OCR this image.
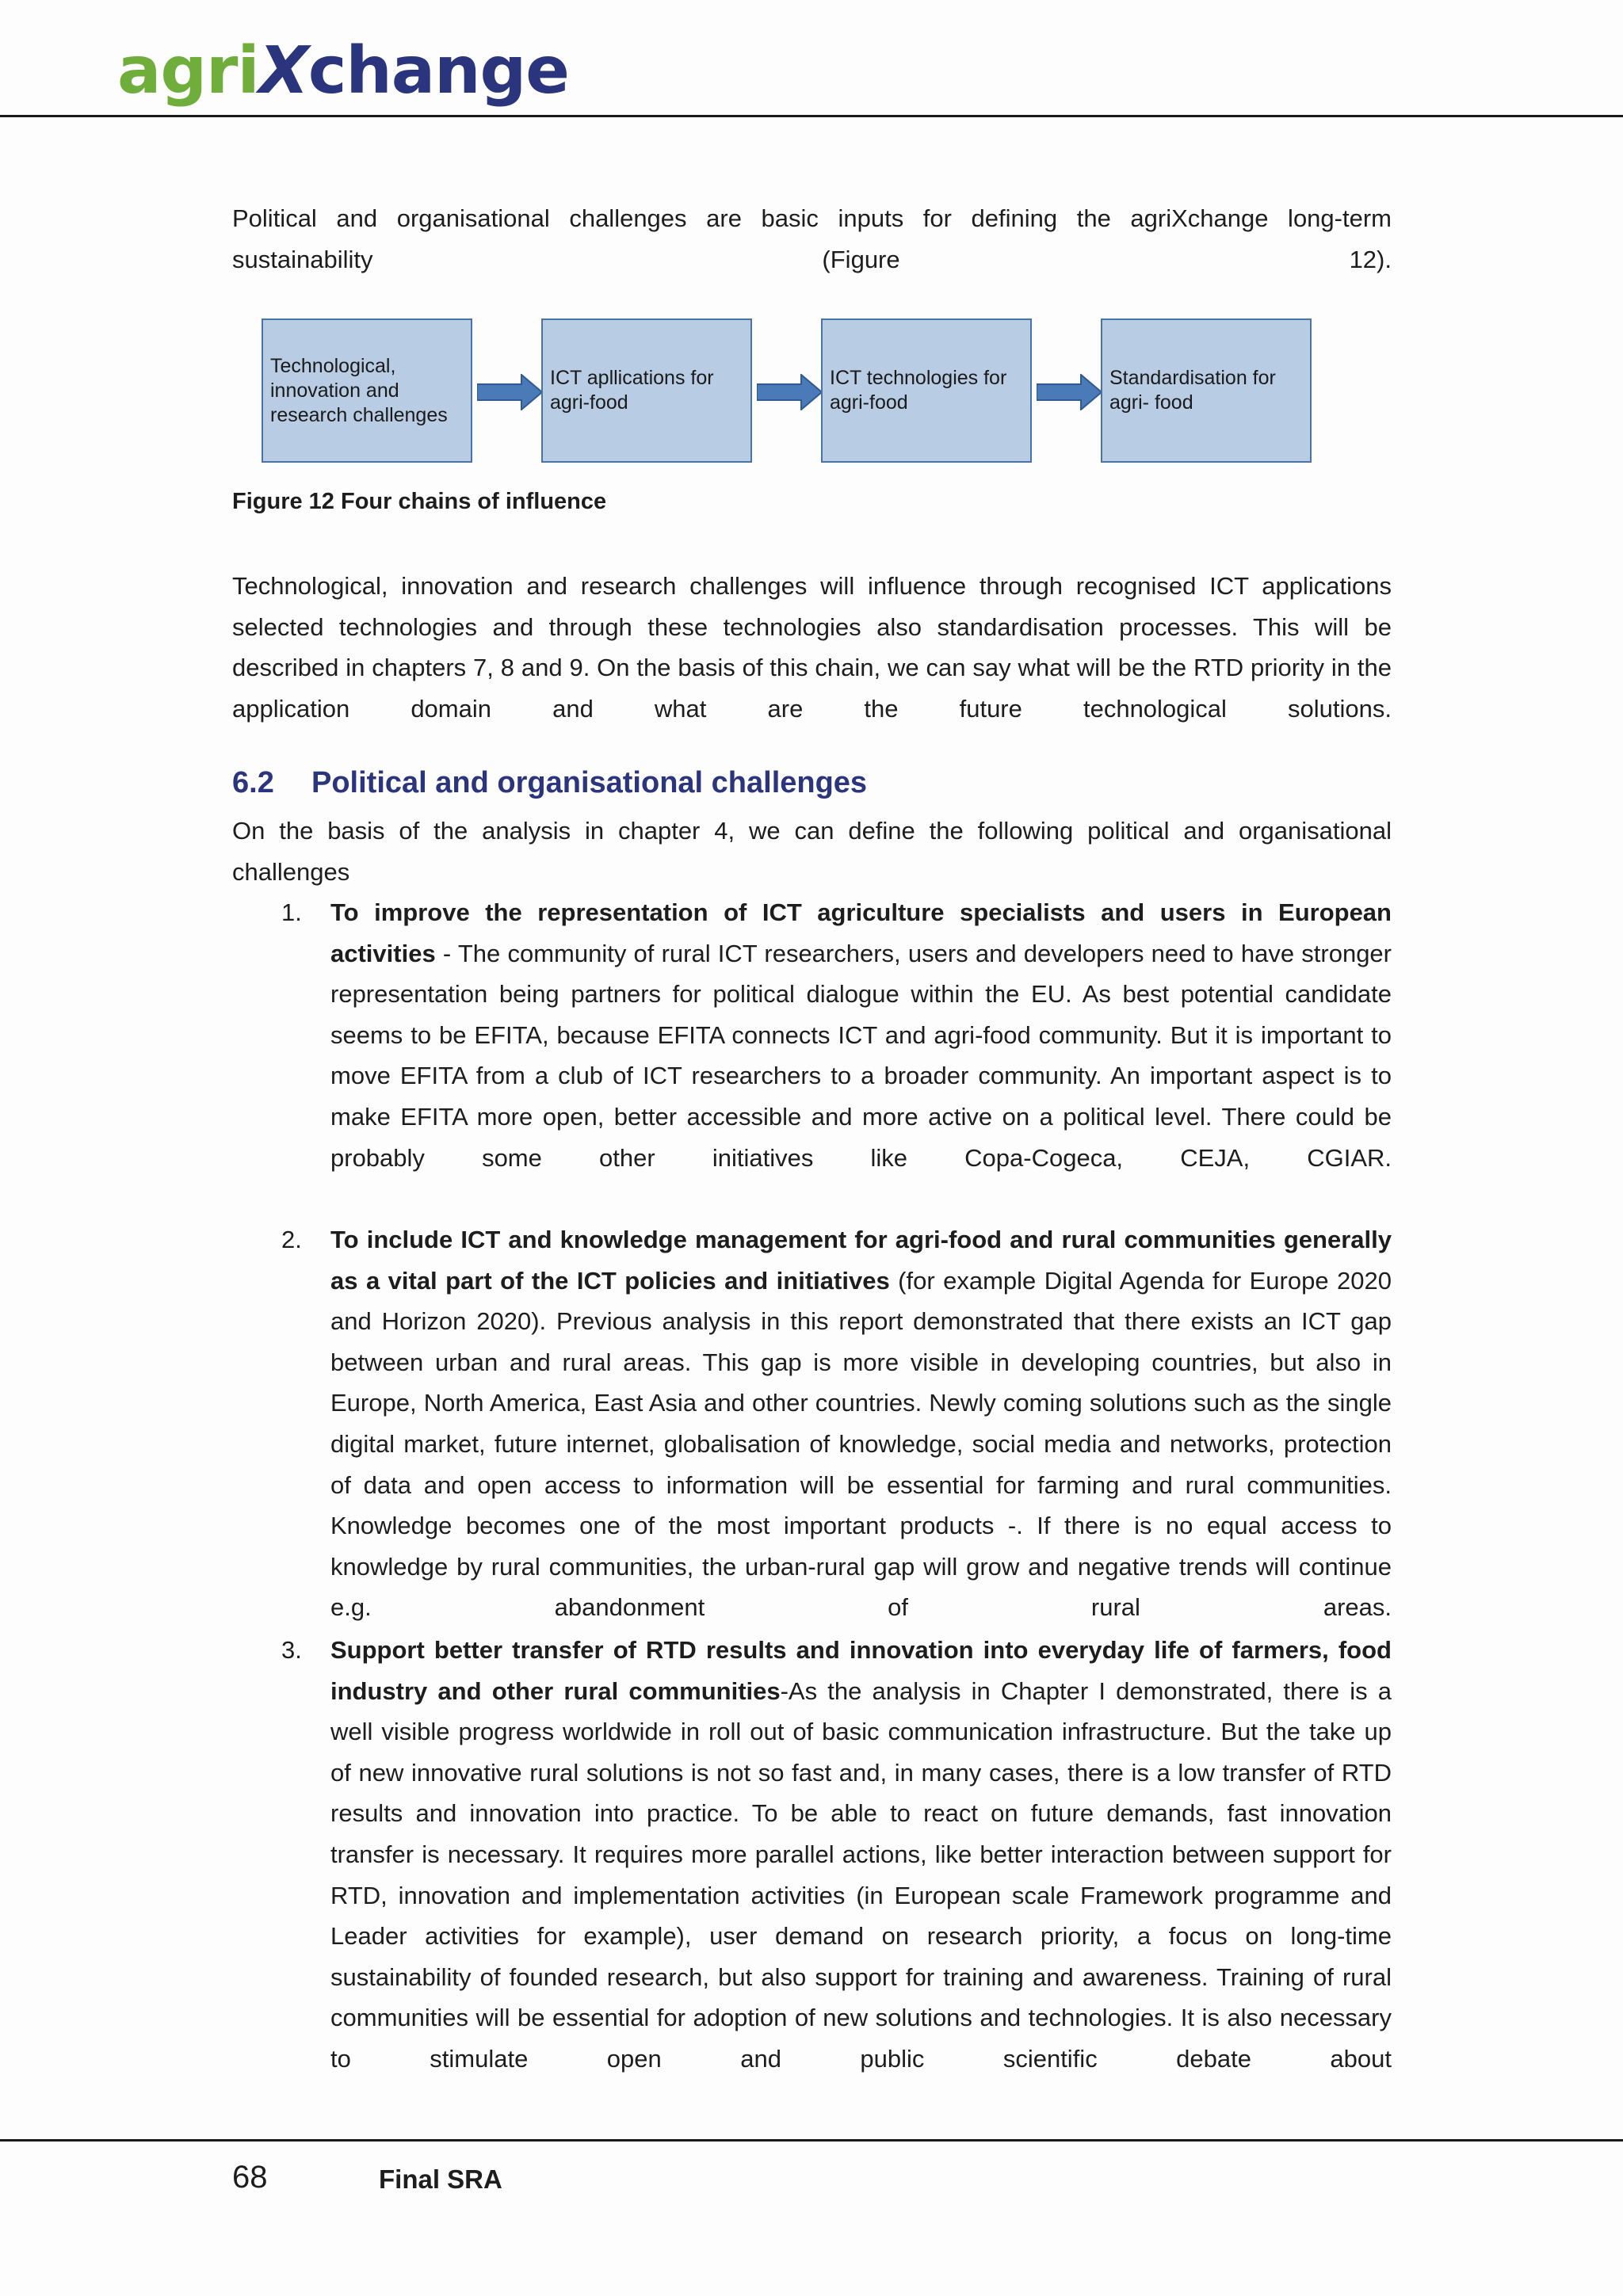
agriXchange

Political and organisational challenges are basic inputs for defining the agriXchange long-term sustainability (Figure 12).

Technological, innovation and research challenges
ICT apllications for agri-food
ICT technologies for agri-food
Standardisation for agri- food
Figure 12 Four chains of influence

Technological, innovation and research challenges will influence through recognised ICT applications selected technologies and through these technologies also standardisation processes. This will be described in chapters 7, 8 and 9. On the basis of this chain, we can say what will be the RTD priority in the application domain and what are the future technological solutions.

6.2 Political and organisational challenges

On the basis of the analysis in chapter 4, we can define the following political and organisational challenges

1. To improve the representation of ICT agriculture specialists and users in European activities - The community of rural ICT researchers, users and developers need to have stronger representation being partners for political dialogue within the EU. As best potential candidate seems to be EFITA, because EFITA connects ICT and agri-food community. But it is important to move EFITA from a club of ICT researchers to a broader community. An important aspect is to make EFITA more open, better accessible and more active on a political level. There could be probably some other initiatives like Copa-Cogeca, CEJA, CGIAR.

2. To include ICT and knowledge management for agri-food and rural communities generally as a vital part of the ICT policies and initiatives (for example Digital Agenda for Europe 2020 and Horizon 2020). Previous analysis in this report demonstrated that there exists an ICT gap between urban and rural areas. This gap is more visible in developing countries, but also in Europe, North America, East Asia and other countries. Newly coming solutions such as the single digital market, future internet, globalisation of knowledge, social media and networks, protection of data and open access to information will be essential for farming and rural communities. Knowledge becomes one of the most important products -. If there is no equal access to knowledge by rural communities, the urban-rural gap will grow and negative trends will continue e.g. abandonment of rural areas.

3. Support better transfer of RTD results and innovation into everyday life of farmers, food industry and other rural communities-As the analysis in Chapter I demonstrated, there is a well visible progress worldwide in roll out of basic communication infrastructure. But the take up of new innovative rural solutions is not so fast and, in many cases, there is a low transfer of RTD results and innovation into practice. To be able to react on future demands, fast innovation transfer is necessary. It requires more parallel actions, like better interaction between support for RTD, innovation and implementation activities (in European scale Framework programme and Leader activities for example), user demand on research priority, a focus on long-time sustainability of founded research, but also support for training and awareness. Training of rural communities will be essential for adoption of new solutions and technologies. It is also necessary to stimulate open and public scientific debate about

68	Final SRA
